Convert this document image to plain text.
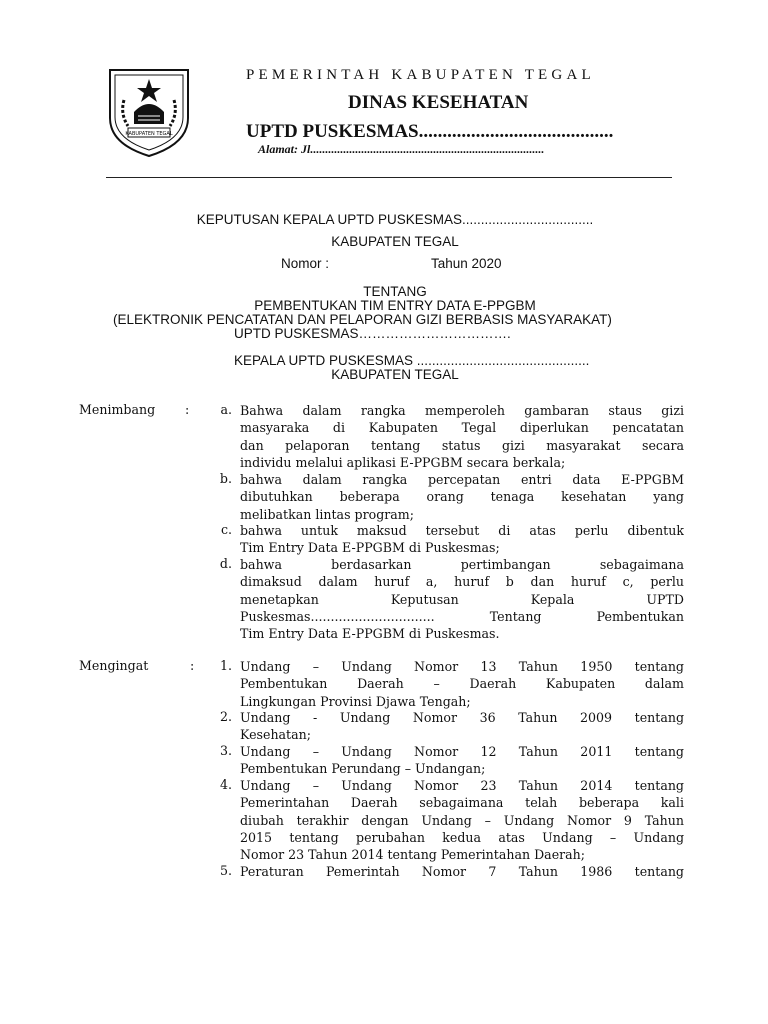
KABUPATEN TEGAL
PEMERINTAH KABUPATEN TEGAL
DINAS KESEHATAN
UPTD PUSKESMAS.........................................
Alamat: Jl..............................................................................
KEPUTUSAN KEPALA UPTD PUSKESMAS...................................
KABUPATEN TEGAL
Nomor :	Tahun 2020
TENTANG
PEMBENTUKAN TIM ENTRY DATA E-PPGBM
(ELEKTRONIK PENCATATAN DAN PELAPORAN GIZI BERBASIS MASYARAKAT)
UPTD PUSKESMAS…………………………….
KEPALA UPTD PUSKESMAS ..............................................
KABUPATEN TEGAL
Menimbang :	a. Bahwa dalam rangka memperoleh gambaran staus gizi
masyaraka di Kabupaten Tegal diperlukan pencatatan
dan pelaporan tentang status gizi masyarakat secara
individu melalui aplikasi E-PPGBM secara berkala;
b. bahwa dalam rangka percepatan entri data E-PPGBM
dibutuhkan beberapa orang tenaga kesehatan yang
melibatkan lintas program;
c. bahwa untuk maksud tersebut di atas perlu dibentuk
Tim Entry Data E-PPGBM di Puskesmas;
d. bahwa berdasarkan pertimbangan sebagaimana
dimaksud dalam huruf a, huruf b dan huruf c, perlu
menetapkan Keputusan Kepala UPTD
Puskesmas............................... Tentang Pembentukan
Tim Entry Data E-PPGBM di Puskesmas.
Mengingat	:	1. Undang – Undang Nomor 13 Tahun 1950 tentang
Pembentukan Daerah – Daerah Kabupaten dalam
Lingkungan Provinsi Djawa Tengah;
2. Undang - Undang Nomor 36 Tahun 2009 tentang
Kesehatan;
3. Undang – Undang Nomor 12 Tahun 2011 tentang
Pembentukan Perundang – Undangan;
4. Undang – Undang Nomor 23 Tahun 2014 tentang
Pemerintahan Daerah sebagaimana telah beberapa kali
diubah terakhir dengan Undang – Undang Nomor 9 Tahun
2015 tentang perubahan kedua atas Undang – Undang
Nomor 23 Tahun 2014 tentang Pemerintahan Daerah;
5. Peraturan Pemerintah Nomor 7 Tahun 1986 tentang
